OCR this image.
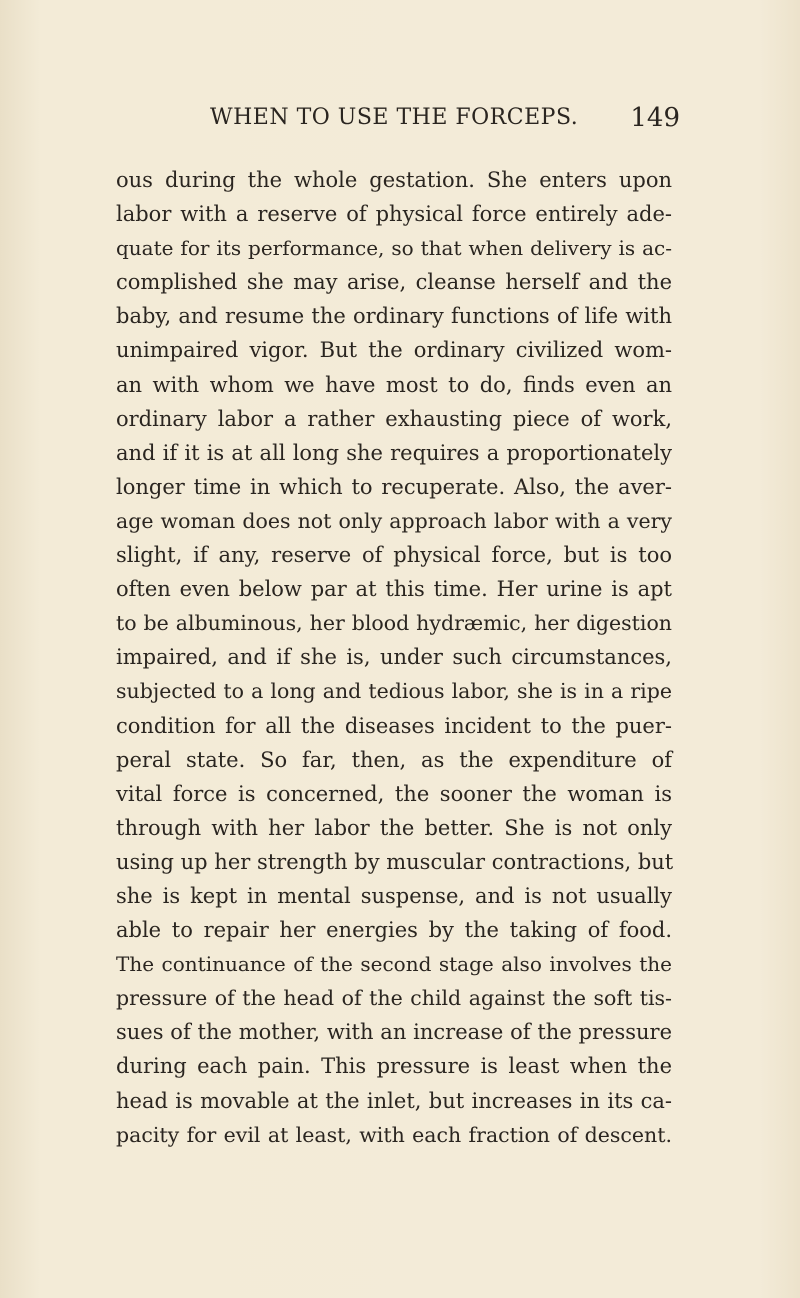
WHEN TO USE THE FORCEPS. 149
ous during the whole gestation. She enters upon
labor with a reserve of physical force entirely ade-
quate for its performance, so that when delivery is ac-
complished she may arise, cleanse herself and the
baby, and resume the ordinary functions of life with
unimpaired vigor. But the ordinary civilized wom-
an with whom we have most to do, finds even an
ordinary labor a rather exhausting piece of work,
and if it is at all long she requires a proportionately
longer time in which to recuperate. Also, the aver-
age woman does not only approach labor with a very
slight, if any, reserve of physical force, but is too
often even below par at this time. Her urine is apt
to be albuminous, her blood hydræmic, her digestion
impaired, and if she is, under such circumstances,
subjected to a long and tedious labor, she is in a ripe
condition for all the diseases incident to the puer-
peral state. So far, then, as the expenditure of
vital force is concerned, the sooner the woman is
through with her labor the better. She is not only
using up her strength by muscular contractions, but
she is kept in mental suspense, and is not usually
able to repair her energies by the taking of food.
The continuance of the second stage also involves the
pressure of the head of the child against the soft tis-
sues of the mother, with an increase of the pressure
during each pain. This pressure is least when the
head is movable at the inlet, but increases in its ca-
pacity for evil at least, with each fraction of descent.
